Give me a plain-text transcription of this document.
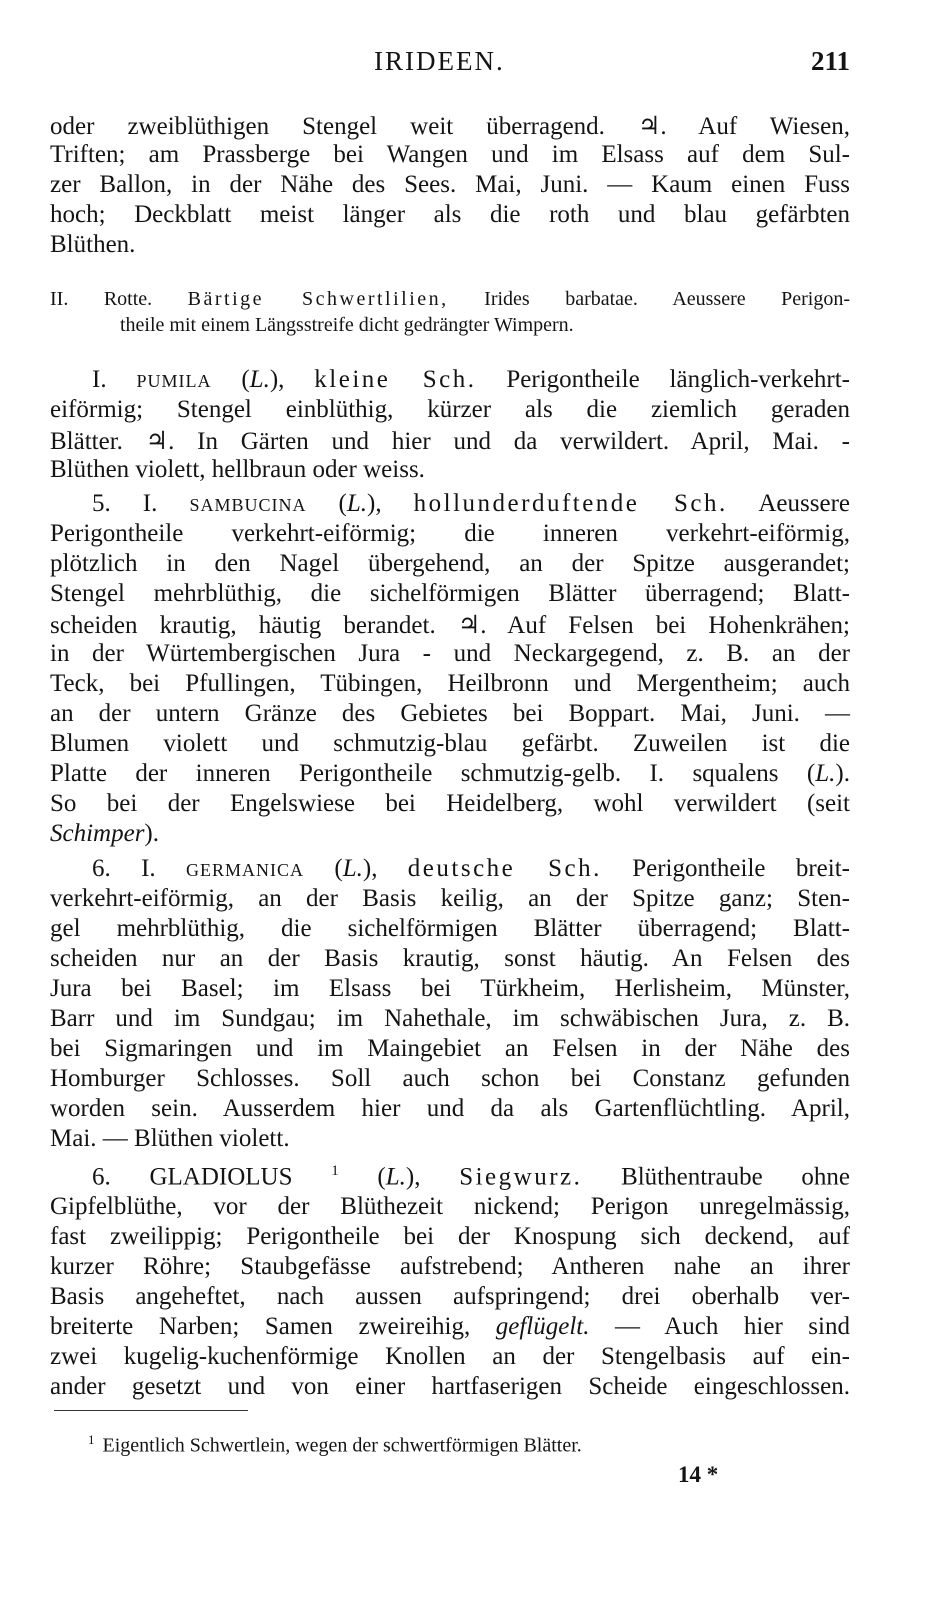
IRIDEEN.	211
oder zweiblüthigen Stengel weit überragend. ♃. Auf Wiesen,
Triften; am Prassberge bei Wangen und im Elsass auf dem Sul-
zer Ballon, in der Nähe des Sees. Mai, Juni. — Kaum einen Fuss
hoch; Deckblatt meist länger als die roth und blau gefärbten
Blüthen.
II. Rotte. Bärtige Schwertlilien, Irides barbatae. Aeussere Perigon-
theile mit einem Längsstreife dicht gedrängter Wimpern.
I. PUMILA (L.), kleine Sch. Perigontheile länglich-verkehrt-
eiförmig; Stengel einblüthig, kürzer als die ziemlich geraden
Blätter. ♃. In Gärten und hier und da verwildert. April, Mai. -
Blüthen violett, hellbraun oder weiss.
5. I. SAMBUCINA (L.), hollunderduftende Sch. Aeussere
Perigontheile verkehrt-eiförmig; die inneren verkehrt-eiförmig,
plötzlich in den Nagel übergehend, an der Spitze ausgerandet;
Stengel mehrblüthig, die sichelförmigen Blätter überragend; Blatt-
scheiden krautig, häutig berandet. ♃. Auf Felsen bei Hohenkrähen;
in der Würtembergischen Jura - und Neckargegend, z. B. an der
Teck, bei Pfullingen, Tübingen, Heilbronn und Mergentheim; auch
an der untern Gränze des Gebietes bei Boppart. Mai, Juni. —
Blumen violett und schmutzig-blau gefärbt. Zuweilen ist die
Platte der inneren Perigontheile schmutzig-gelb. I. squalens (L.).
So bei der Engelswiese bei Heidelberg, wohl verwildert (seit
Schimper).
6. I. GERMANICA (L.), deutsche Sch. Perigontheile breit-
verkehrt-eiförmig, an der Basis keilig, an der Spitze ganz; Sten-
gel mehrblüthig, die sichelförmigen Blätter überragend; Blatt-
scheiden nur an der Basis krautig, sonst häutig. An Felsen des
Jura bei Basel; im Elsass bei Türkheim, Herlisheim, Münster,
Barr und im Sundgau; im Nahethale, im schwäbischen Jura, z. B.
bei Sigmaringen und im Maingebiet an Felsen in der Nähe des
Homburger Schlosses. Soll auch schon bei Constanz gefunden
worden sein. Ausserdem hier und da als Gartenflüchtling. April,
Mai. — Blüthen violett.
6. GLADIOLUS $^1$ (L.), Siegwurz. Blüthentraube ohne
Gipfelblüthe, vor der Blüthezeit nickend; Perigon unregelmässig,
fast zweilippig; Perigontheile bei der Knospung sich deckend, auf
kurzer Röhre; Staubgefässe aufstrebend; Antheren nahe an ihrer
Basis angeheftet, nach aussen aufspringend; drei oberhalb ver-
breiterte Narben; Samen zweireihig, geflügelt. — Auch hier sind
zwei kugelig-kuchenförmige Knollen an der Stengelbasis auf ein-
ander gesetzt und von einer hartfaserigen Scheide eingeschlossen.
$^1$ Eigentlich Schwertlein, wegen der schwertförmigen Blätter.
14 *
